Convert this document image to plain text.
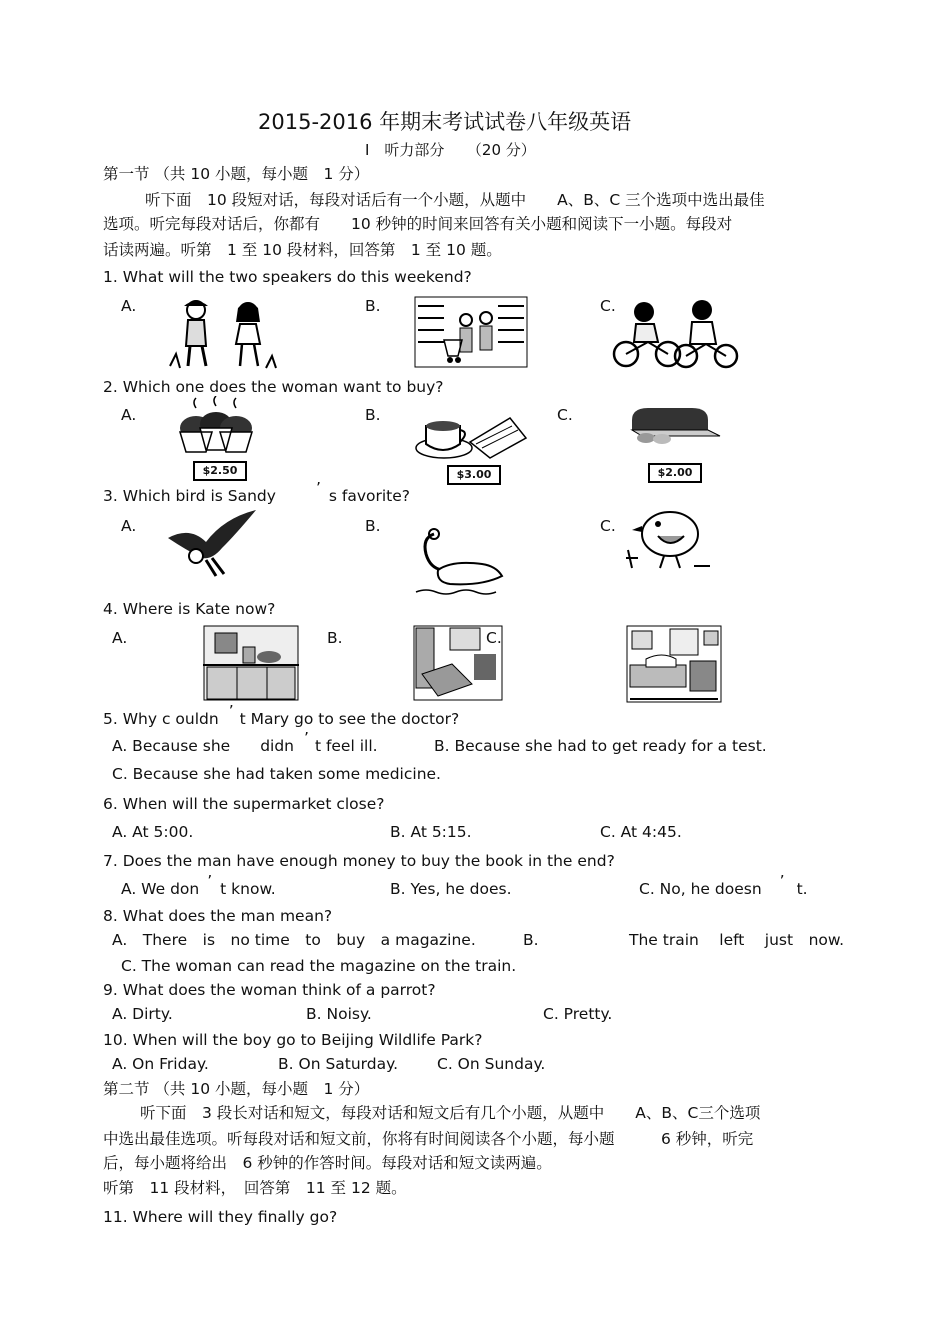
2015-2016 年期末考试试卷八年级英语
I　听力部分　　（20 分）
第一节 （共 10 小题，每小题　1 分）
听下面　10 段短对话，每段对话后有一个小题，从题中　　A、B、C 三个选项中选出最佳
选项。听完每段对话后，你都有　　10 秒钟的时间来回答有关小题和阅读下一小题。每段对
话读两遍。听第　1 至 10 段材料，回答第　1 至 10 题。
1. What will the two speakers do this weekend?
A.	B.	C.
2. Which one does the woman want to buy?
A.	B.	C.
$2.50	$3.00	$2.00
3. Which bird is Sandy	’ s favorite?
A.	B.	C.
4. Where is Kate now?
A.	B.	C.
5. Why c ouldn ’ t Mary go to see the doctor?
A. Because she didn ’ t feel ill.	B. Because she had to get ready for a test.
C. Because she had taken some medicine.
6. When will the supermarket close?
A. At 5:00.	B. At 5:15.	C. At 4:45.
7. Does the man have enough money to buy the book in the end?
A. We don ’ t know.	B. Yes, he does.	C. No, he doesn ’ t.
8. What does the man mean?
A.　There　is　no time　to　buy　a magazine.	B.	The train　 left　 just　now.
C. The woman can read the magazine on the train.
9. What does the woman think of a parrot?
A. Dirty.	B. Noisy.	C. Pretty.
10. When will the boy go to Beijing Wildlife Park?
A. On Friday.	B. On Saturday.	C. On Sunday.
第二节 （共 10 小题，每小题　1 分）
听下面　3 段长对话和短文，每段对话和短文后有几个小题，从题中　　A、B、C三个选项
中选出最佳选项。听每段对话和短文前，你将有时间阅读各个小题，每小题　　　6 秒钟，听完
后，每小题将给出　6 秒钟的作答时间。每段对话和短文读两遍。
听第　11 段材料，　回答第　11 至 12 题。
11. Where will they finally go?
